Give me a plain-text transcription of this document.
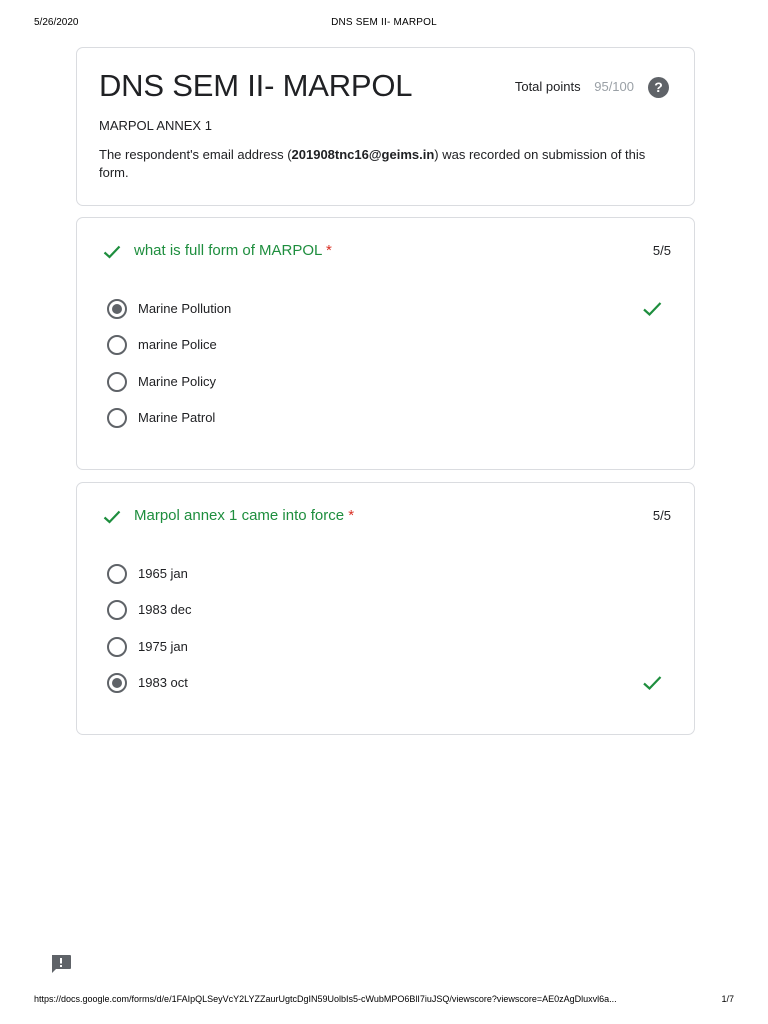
5/26/2020	DNS SEM II- MARPOL
DNS SEM II- MARPOL	Total points 95/100	?
MARPOL ANNEX 1
The respondent's email address (201908tnc16@geims.in) was recorded on submission of this form.
what is full form of MARPOL *	5/5
Marine Pollution
marine Police
Marine Policy
Marine Patrol
Marpol annex 1 came into force *	5/5
1965 jan
1983 dec
1975 jan
1983 oct
https://docs.google.com/forms/d/e/1FAIpQLSeyVcY2LYZZaurUgtcDgIN59UolbIs5-cWubMPO6BlI7iuJSQ/viewscore?viewscore=AE0zAgDluxvl6a...	1/7
